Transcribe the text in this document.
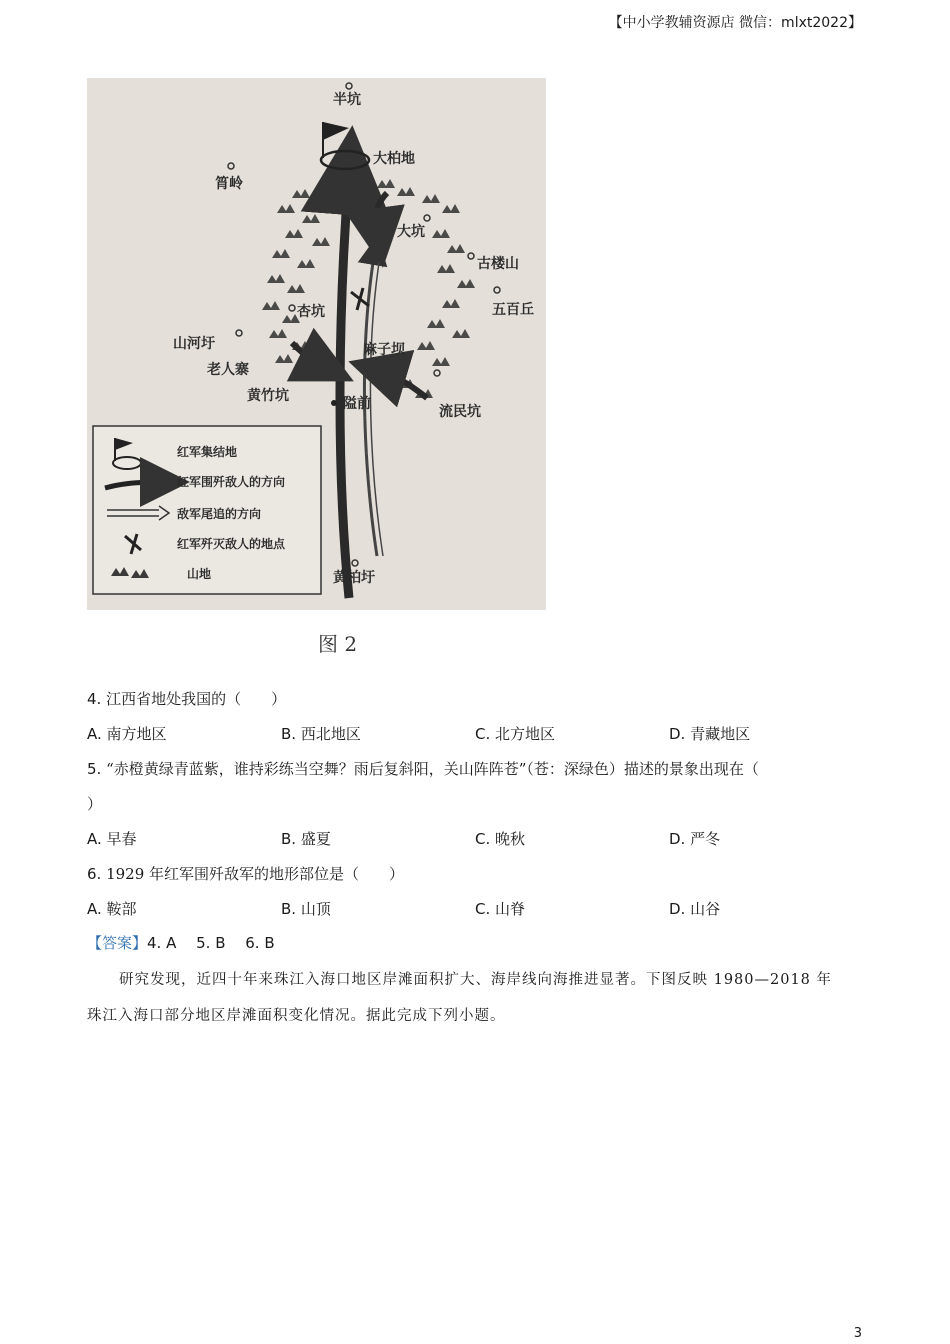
【中小学教辅资源店 微信：mlxt2022】
半坑
大柏地
筲岭
大坑
古楼山
五百丘
杏坑
山河圩
老人寨
麻子坝
黄竹坑	隘前	流民坑
黄柏圩
红军集结地
红军围歼敌人的方向
敌军尾追的方向
红军歼灭敌人的地点
山地
图 2
4. 江西省地处我国的（　　）
A. 南方地区	B. 西北地区	C. 北方地区	D. 青藏地区
5. “赤橙黄绿青蓝紫，谁持彩练当空舞？雨后复斜阳，关山阵阵苍”（苍：深绿色）描述的景象出现在（
）
A. 早春	B. 盛夏	C. 晚秋	D. 严冬
6. 1929 年红军围歼敌军的地形部位是（　　）
A. 鞍部	B. 山顶	C. 山脊	D. 山谷
【答案】4. A　 5. B　 6. B
研究发现，近四十年来珠江入海口地区岸滩面积扩大、海岸线向海推进显著。下图反映 1980—2018 年
珠江入海口部分地区岸滩面积变化情况。据此完成下列小题。
3
